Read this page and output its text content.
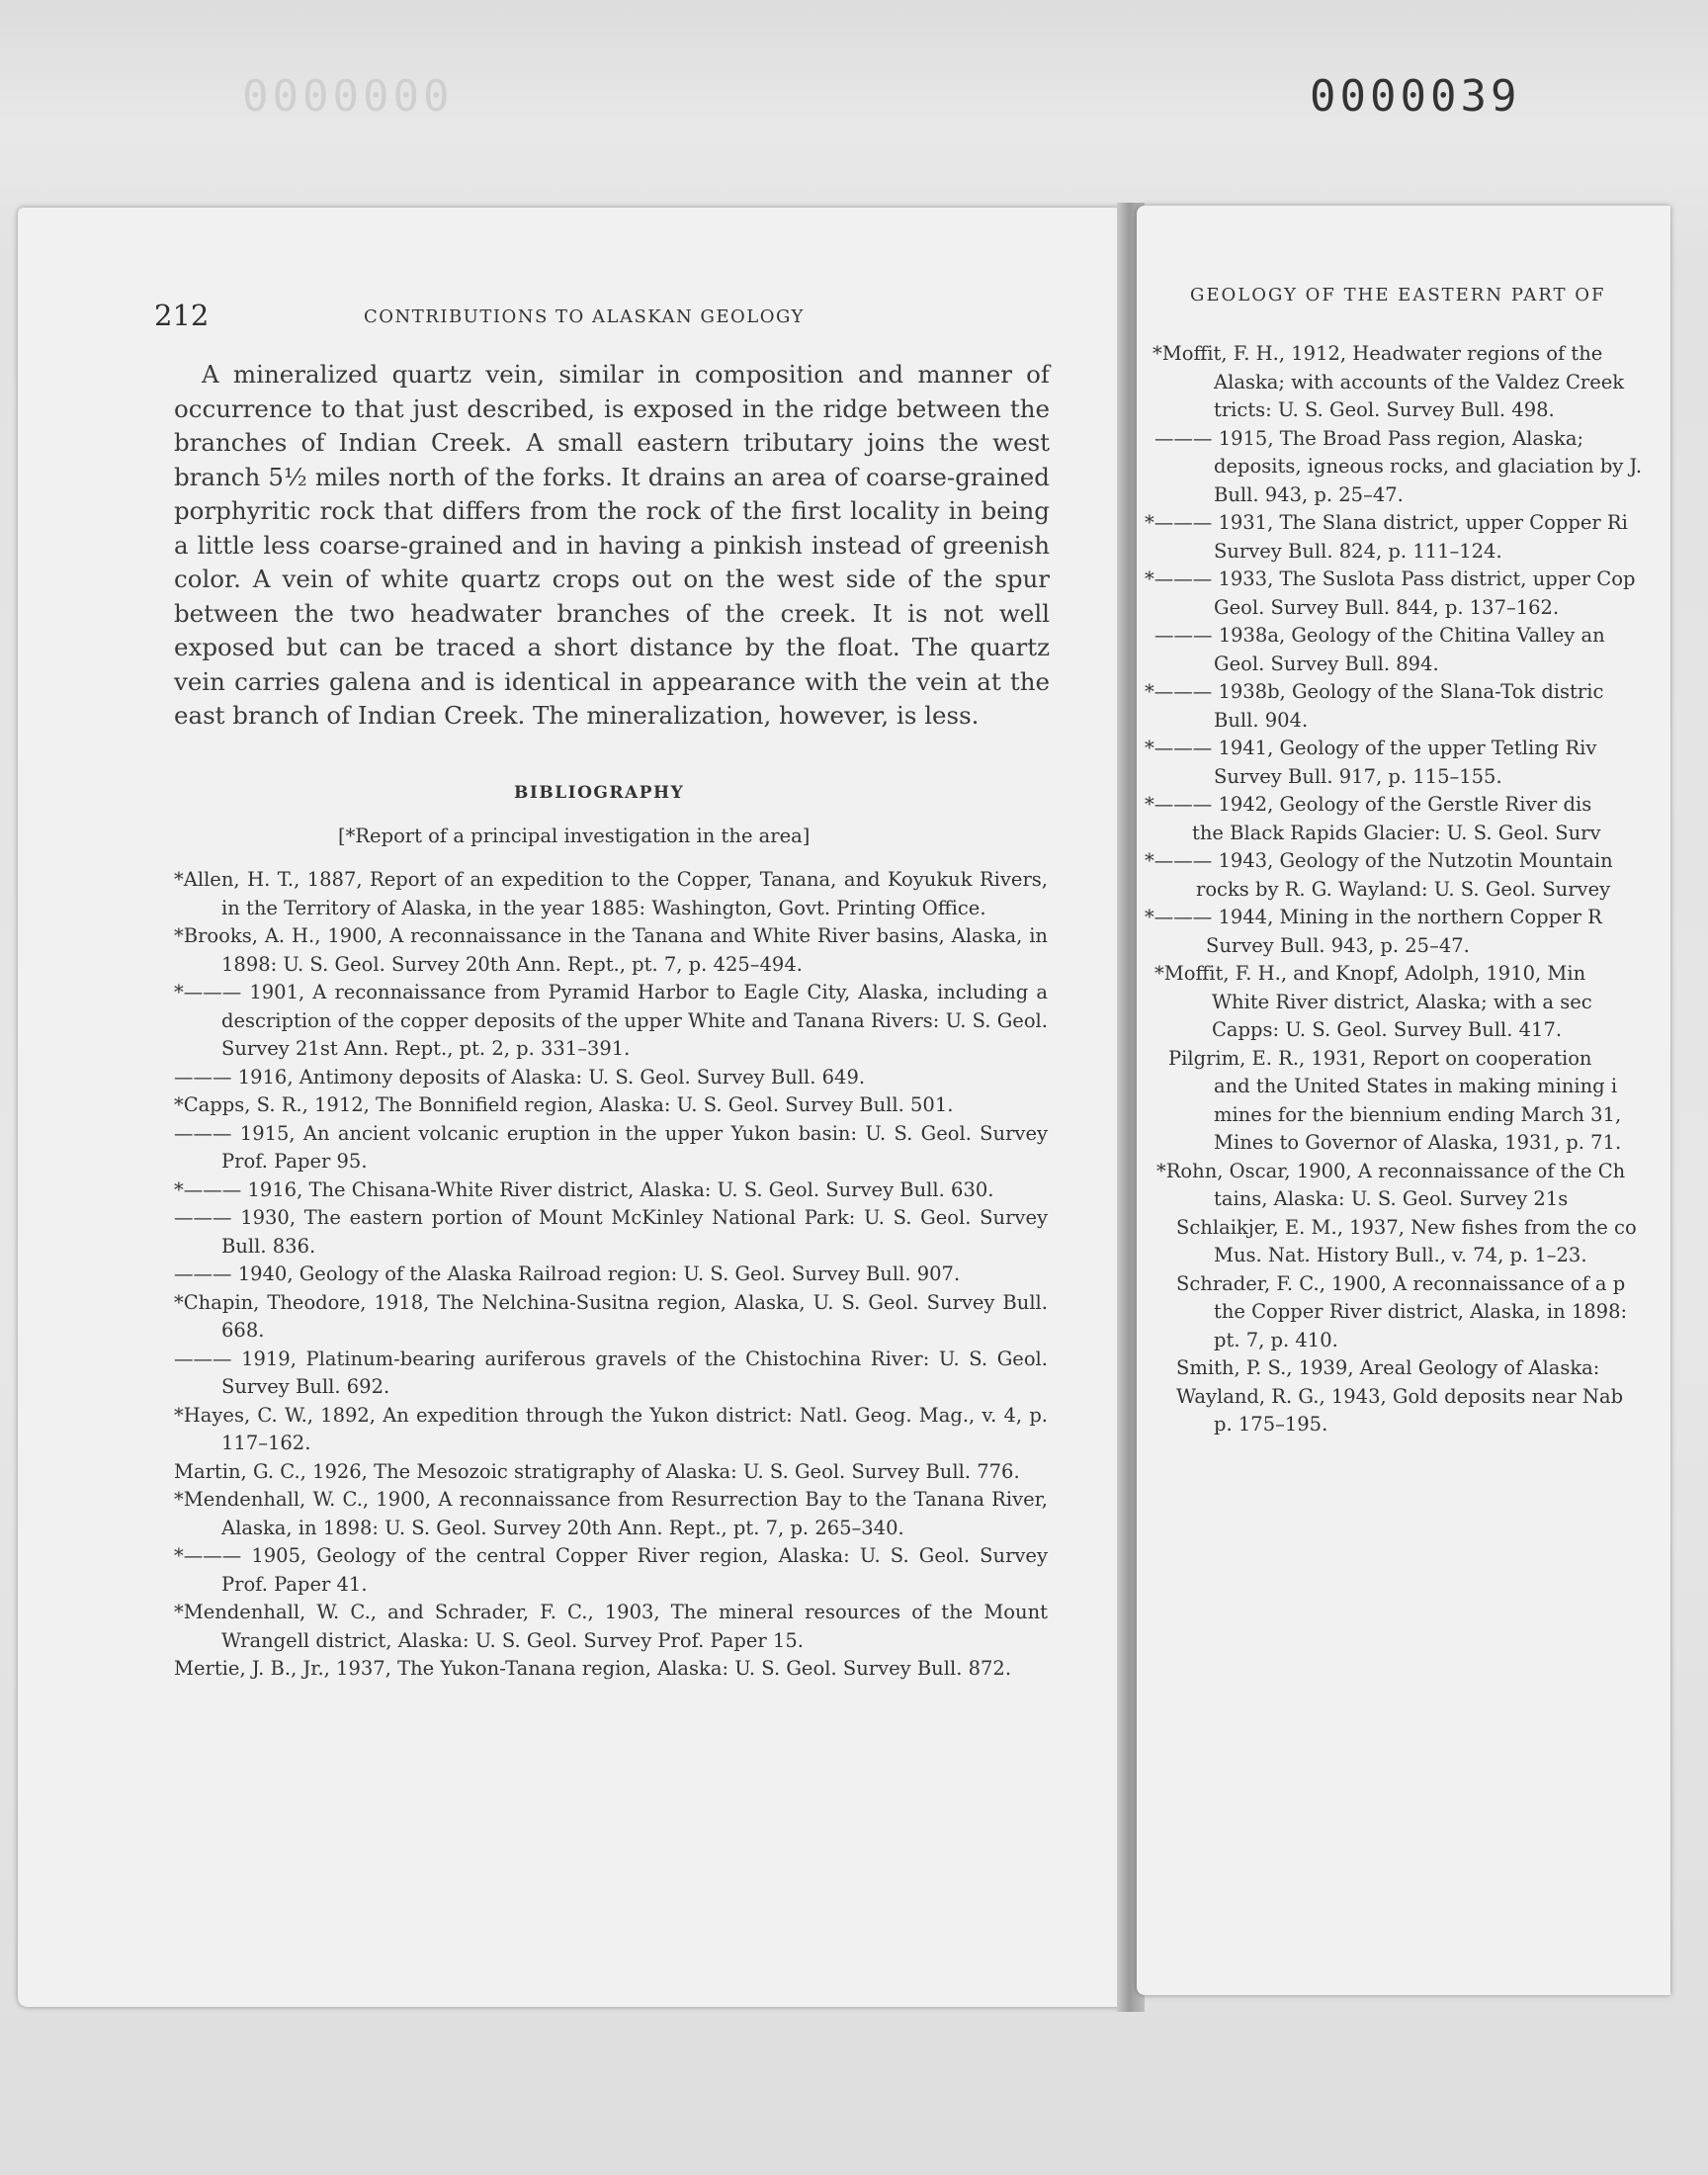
0000000	0000039
212	CONTRIBUTIONS TO ALASKAN GEOLOGY

A mineralized quartz vein, similar in composition and manner of occurrence to that just described, is exposed in the ridge between the branches of Indian Creek. A small eastern tributary joins the west branch 5½ miles north of the forks. It drains an area of coarse-grained porphyritic rock that differs from the rock of the first locality in being a little less coarse-grained and in having a pinkish instead of greenish color. A vein of white quartz crops out on the west side of the spur between the two headwater branches of the creek. It is not well exposed but can be traced a short distance by the float. The quartz vein carries galena and is identical in appearance with the vein at the east branch of Indian Creek. The mineralization, however, is less.

BIBLIOGRAPHY
[*Report of a principal investigation in the area]

*Allen, H. T., 1887, Report of an expedition to the Copper, Tanana, and Koyukuk Rivers, in the Territory of Alaska, in the year 1885: Washington, Govt. Printing Office.

*Brooks, A. H., 1900, A reconnaissance in the Tanana and White River basins, Alaska, in 1898: U. S. Geol. Survey 20th Ann. Rept., pt. 7, p. 425–494.

*——— 1901, A reconnaissance from Pyramid Harbor to Eagle City, Alaska, including a description of the copper deposits of the upper White and Tanana Rivers: U. S. Geol. Survey 21st Ann. Rept., pt. 2, p. 331–391.

——— 1916, Antimony deposits of Alaska: U. S. Geol. Survey Bull. 649.

*Capps, S. R., 1912, The Bonnifield region, Alaska: U. S. Geol. Survey Bull. 501.

——— 1915, An ancient volcanic eruption in the upper Yukon basin: U. S. Geol. Survey Prof. Paper 95.

*——— 1916, The Chisana-White River district, Alaska: U. S. Geol. Survey Bull. 630.

——— 1930, The eastern portion of Mount McKinley National Park: U. S. Geol. Survey Bull. 836.

——— 1940, Geology of the Alaska Railroad region: U. S. Geol. Survey Bull. 907.

*Chapin, Theodore, 1918, The Nelchina-Susitna region, Alaska, U. S. Geol. Survey Bull. 668.

——— 1919, Platinum-bearing auriferous gravels of the Chistochina River: U. S. Geol. Survey Bull. 692.

*Hayes, C. W., 1892, An expedition through the Yukon district: Natl. Geog. Mag., v. 4, p. 117–162.

Martin, G. C., 1926, The Mesozoic stratigraphy of Alaska: U. S. Geol. Survey Bull. 776.

*Mendenhall, W. C., 1900, A reconnaissance from Resurrection Bay to the Tanana River, Alaska, in 1898: U. S. Geol. Survey 20th Ann. Rept., pt. 7, p. 265–340.

*——— 1905, Geology of the central Copper River region, Alaska: U. S. Geol. Survey Prof. Paper 41.

*Mendenhall, W. C., and Schrader, F. C., 1903, The mineral resources of the Mount Wrangell district, Alaska: U. S. Geol. Survey Prof. Paper 15.

Mertie, J. B., Jr., 1937, The Yukon-Tanana region, Alaska: U. S. Geol. Survey Bull. 872.

GEOLOGY OF THE EASTERN PART OF

*Moffit, F. H., 1912, Headwater regions of the

Alaska; with accounts of the Valdez Creek

tricts: U. S. Geol. Survey Bull. 498.

——— 1915, The Broad Pass region, Alaska;

deposits, igneous rocks, and glaciation by J.

Bull. 943, p. 25–47.

*——— 1931, The Slana district, upper Copper Ri

Survey Bull. 824, p. 111–124.

*——— 1933, The Suslota Pass district, upper Cop

Geol. Survey Bull. 844, p. 137–162.

——— 1938a, Geology of the Chitina Valley an

Geol. Survey Bull. 894.

*——— 1938b, Geology of the Slana-Tok distric

Bull. 904.

*——— 1941, Geology of the upper Tetling Riv

Survey Bull. 917, p. 115–155.

*——— 1942, Geology of the Gerstle River dis

the Black Rapids Glacier: U. S. Geol. Surv

*——— 1943, Geology of the Nutzotin Mountain

rocks by R. G. Wayland: U. S. Geol. Survey

*——— 1944, Mining in the northern Copper R

Survey Bull. 943, p. 25–47.

*Moffit, F. H., and Knopf, Adolph, 1910, Min

White River district, Alaska; with a sec

Capps: U. S. Geol. Survey Bull. 417.

Pilgrim, E. R., 1931, Report on cooperation

and the United States in making mining i

mines for the biennium ending March 31,

Mines to Governor of Alaska, 1931, p. 71.

*Rohn, Oscar, 1900, A reconnaissance of the Ch

tains, Alaska: U. S. Geol. Survey 21s

Schlaikjer, E. M., 1937, New fishes from the co

Mus. Nat. History Bull., v. 74, p. 1–23.

Schrader, F. C., 1900, A reconnaissance of a p

the Copper River district, Alaska, in 1898:

pt. 7, p. 410.

Smith, P. S., 1939, Areal Geology of Alaska:

Wayland, R. G., 1943, Gold deposits near Nab

p. 175–195.
